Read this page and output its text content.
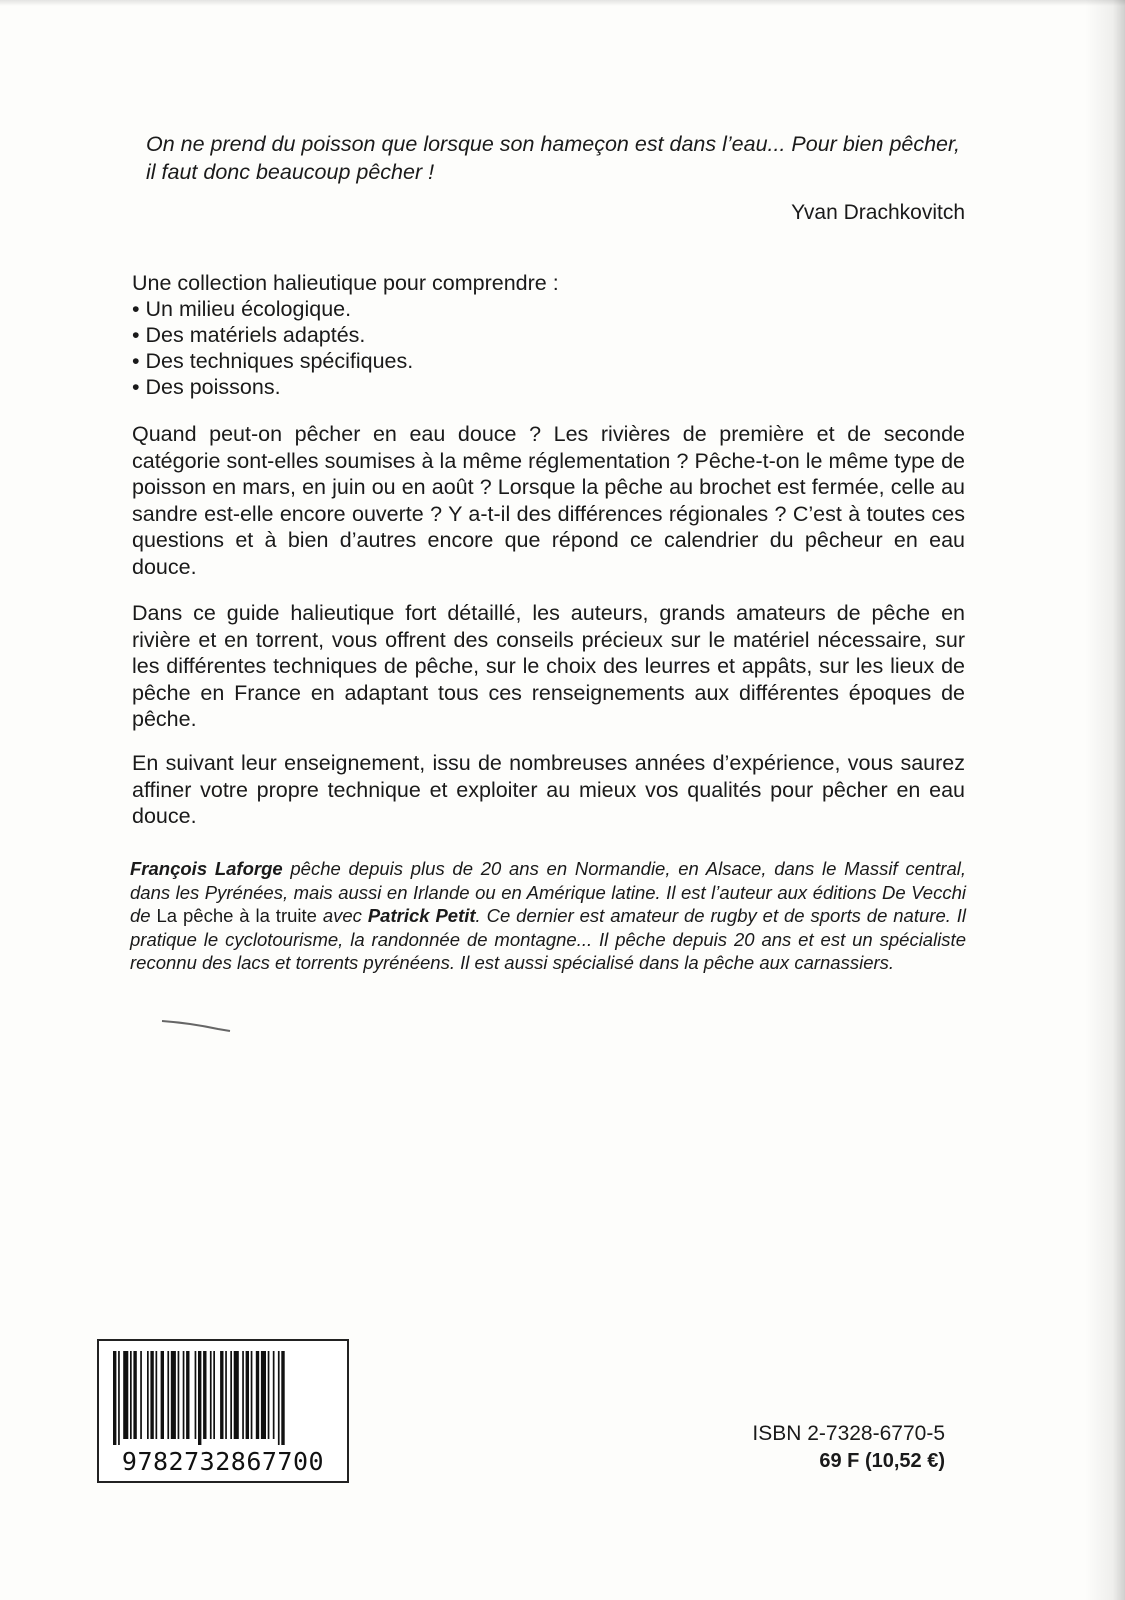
On ne prend du poisson que lorsque son hameçon est dans l’eau... Pour bien pêcher, il faut donc beaucoup pêcher !
Yvan Drachkovitch
Une collection halieutique pour comprendre :
• Un milieu écologique.
• Des matériels adaptés.
• Des techniques spécifiques.
• Des poissons.

Quand peut-on pêcher en eau douce ? Les rivières de première et de seconde catégorie sont-elles soumises à la même réglementation ? Pêche-t-on le même type de poisson en mars, en juin ou en août ? Lorsque la pêche au brochet est fermée, celle au sandre est-elle encore ouverte ? Y a-t-il des différences régionales ? C’est à toutes ces questions et à bien d’autres encore que répond ce calendrier du pêcheur en eau douce.

Dans ce guide halieutique fort détaillé, les auteurs, grands amateurs de pêche en rivière et en torrent, vous offrent des conseils précieux sur le matériel nécessaire, sur les différentes techniques de pêche, sur le choix des leurres et appâts, sur les lieux de pêche en France en adaptant tous ces renseignements aux différentes époques de pêche.

En suivant leur enseignement, issu de nombreuses années d’expérience, vous saurez affiner votre propre technique et exploiter au mieux vos qualités pour pêcher en eau douce.

François Laforge pêche depuis plus de 20 ans en Normandie, en Alsace, dans le Massif central, dans les Pyrénées, mais aussi en Irlande ou en Amérique latine. Il est l’auteur aux éditions De Vecchi de La pêche à la truite avec Patrick Petit. Ce dernier est amateur de rugby et de sports de nature. Il pratique le cyclotourisme, la randonnée de montagne... Il pêche depuis 20 ans et est un spécialiste reconnu des lacs et torrents pyrénéens. Il est aussi spécialisé dans la pêche aux carnassiers.

9782732867700
ISBN 2-7328-6770-5
69 F (10,52 €)
